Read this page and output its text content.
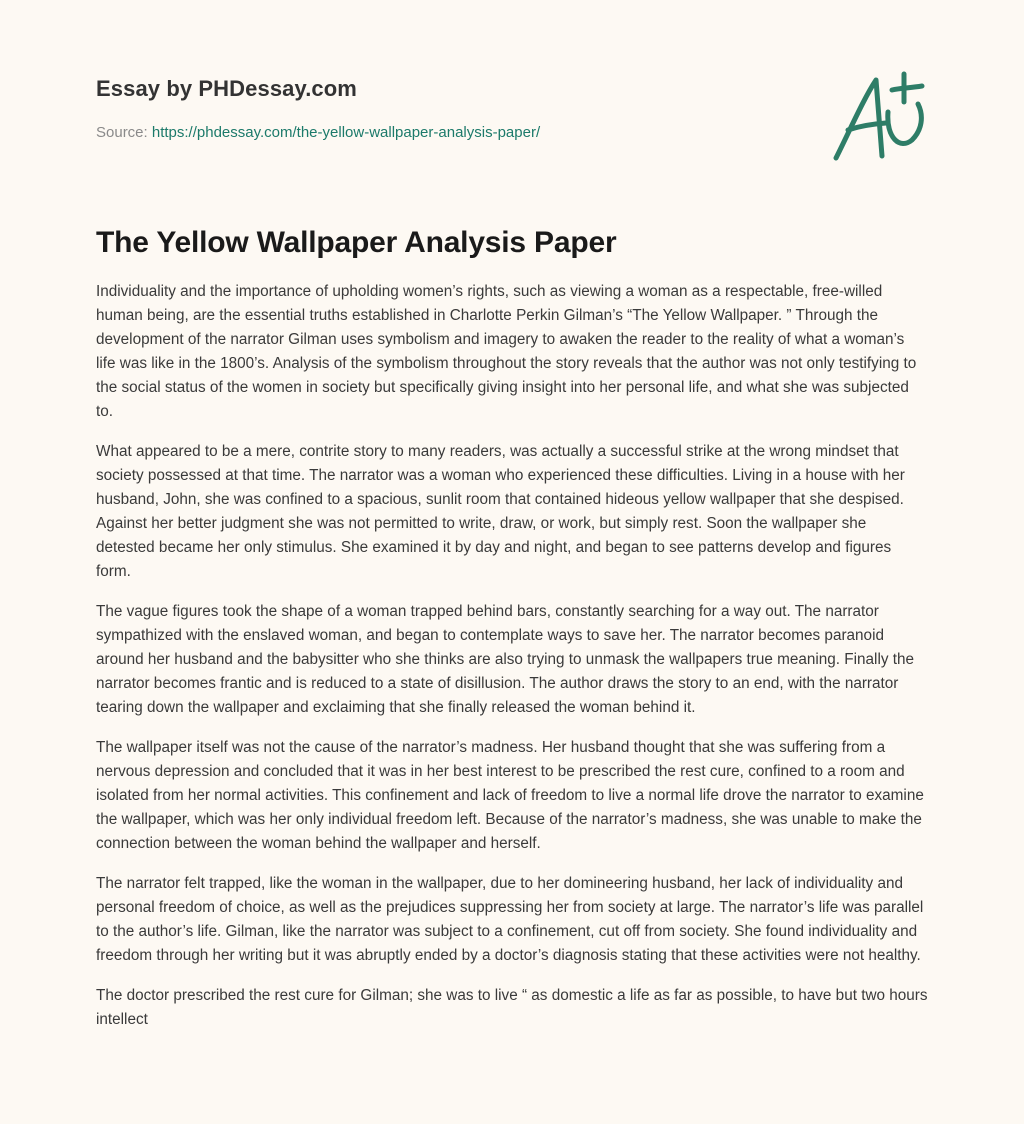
Essay by PHDessay.com
Source: https://phdessay.com/the-yellow-wallpaper-analysis-paper/
The Yellow Wallpaper Analysis Paper

Individuality and the importance of upholding women’s rights, such as viewing a woman as a respectable, free-willed human being, are the essential truths established in Charlotte Perkin Gilman’s “The Yellow Wallpaper. ” Through the development of the narrator Gilman uses symbolism and imagery to awaken the reader to the reality of what a woman’s life was like in the 1800’s. Analysis of the symbolism throughout the story reveals that the author was not only testifying to the social status of the women in society but specifically giving insight into her personal life, and what she was subjected to.

What appeared to be a mere, contrite story to many readers, was actually a successful strike at the wrong mindset that society possessed at that time. The narrator was a woman who experienced these difficulties. Living in a house with her husband, John, she was confined to a spacious, sunlit room that contained hideous yellow wallpaper that she despised. Against her better judgment she was not permitted to write, draw, or work, but simply rest. Soon the wallpaper she detested became her only stimulus. She examined it by day and night, and began to see patterns develop and figures form.

The vague figures took the shape of a woman trapped behind bars, constantly searching for a way out. The narrator sympathized with the enslaved woman, and began to contemplate ways to save her. The narrator becomes paranoid around her husband and the babysitter who she thinks are also trying to unmask the wallpapers true meaning. Finally the narrator becomes frantic and is reduced to a state of disillusion. The author draws the story to an end, with the narrator tearing down the wallpaper and exclaiming that she finally released the woman behind it.

The wallpaper itself was not the cause of the narrator’s madness. Her husband thought that she was suffering from a nervous depression and concluded that it was in her best interest to be prescribed the rest cure, confined to a room and isolated from her normal activities. This confinement and lack of freedom to live a normal life drove the narrator to examine the wallpaper, which was her only individual freedom left. Because of the narrator’s madness, she was unable to make the connection between the woman behind the wallpaper and herself.

The narrator felt trapped, like the woman in the wallpaper, due to her domineering husband, her lack of individuality and personal freedom of choice, as well as the prejudices suppressing her from society at large. The narrator’s life was parallel to the author’s life. Gilman, like the narrator was subject to a confinement, cut off from society. She found individuality and freedom through her writing but it was abruptly ended by a doctor’s diagnosis stating that these activities were not healthy.

The doctor prescribed the rest cure for Gilman; she was to live “ as domestic a life as far as possible, to have but two hours intellect
